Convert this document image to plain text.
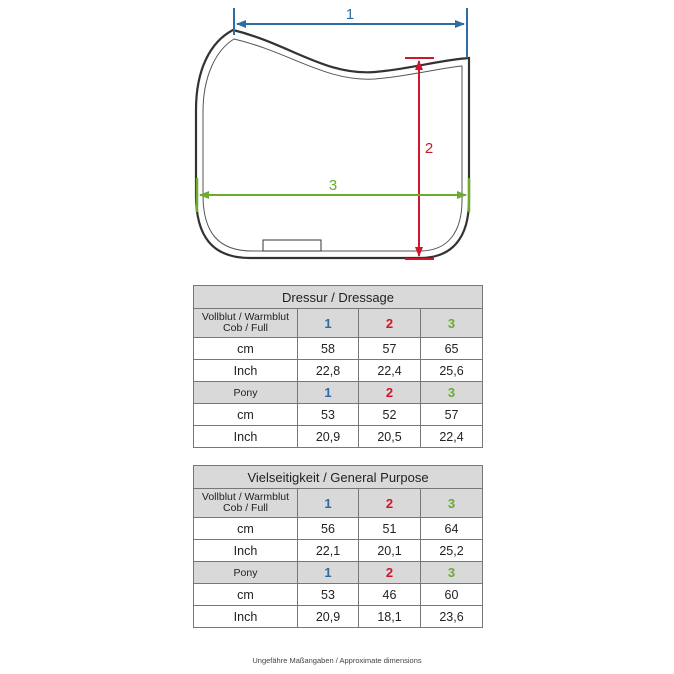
1
2
3
Dressur / Dressage			
Vollblut / Warmblut Cob / Full	1	2	3
cm	58	57	65
Inch	22,8	22,4	25,6
Pony	1	2	3
cm	53	52	57
Inch	20,9	20,5	22,4
Vielseitigkeit / General Purpose			
Vollblut / Warmblut Cob / Full	1	2	3
cm	56	51	64
Inch	22,1	20,1	25,2
Pony	1	2	3
cm	53	46	60
Inch	20,9	18,1	23,6
Ungefähre Maßangaben / Approximate dimensions
